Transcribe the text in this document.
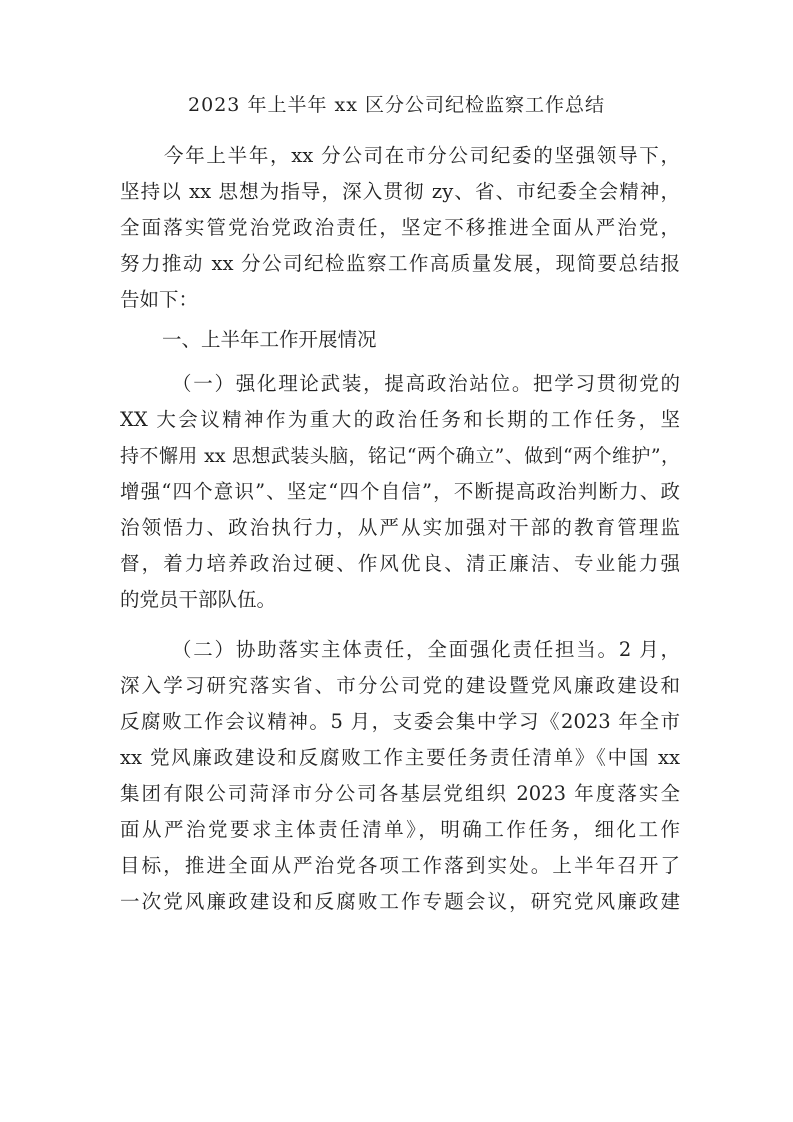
2023 年上半年 xx 区分公司纪检监察工作总结
今年上半年，xx 分公司在市分公司纪委的坚强领导下，
坚持以 xx 思想为指导，深入贯彻 zy、省、市纪委全会精神，
全面落实管党治党政治责任，坚定不移推进全面从严治党，
努力推动 xx 分公司纪检监察工作高质量发展，现简要总结报
告如下：
一、上半年工作开展情况
（一）强化理论武装，提高政治站位。把学习贯彻党的
XX 大会议精神作为重大的政治任务和长期的工作任务，坚
持不懈用 xx 思想武装头脑，铭记“两个确立”、做到“两个维护”，
增强“四个意识”、坚定“四个自信”，不断提高政治判断力、政
治领悟力、政治执行力，从严从实加强对干部的教育管理监
督，着力培养政治过硬、作风优良、清正廉洁、专业能力强
的党员干部队伍。
（二）协助落实主体责任，全面强化责任担当。2 月，
深入学习研究落实省、市分公司党的建设暨党风廉政建设和
反腐败工作会议精神。5 月，支委会集中学习《2023 年全市
xx 党风廉政建设和反腐败工作主要任务责任清单》《中国 xx
集团有限公司菏泽市分公司各基层党组织 2023 年度落实全
面从严治党要求主体责任清单》，明确工作任务，细化工作
目标，推进全面从严治党各项工作落到实处。上半年召开了
一次党风廉政建设和反腐败工作专题会议，研究党风廉政建
